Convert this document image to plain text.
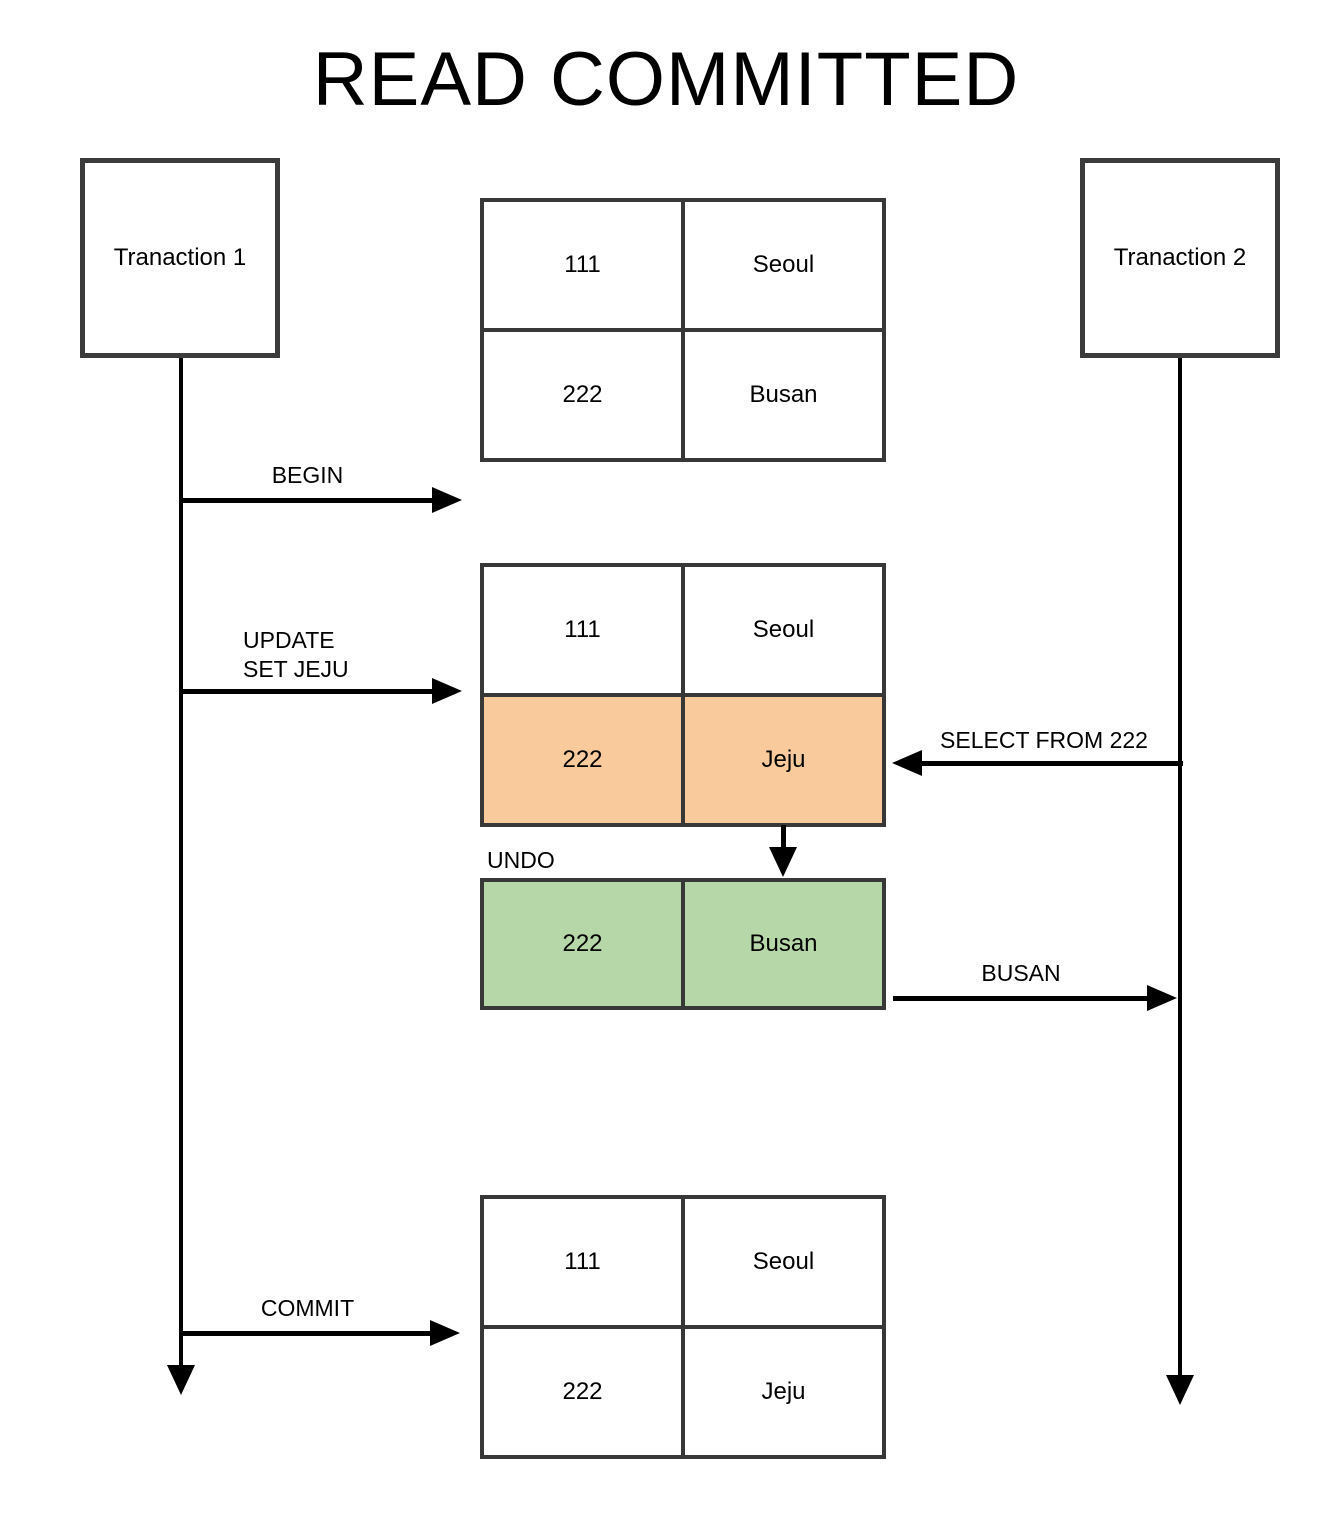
READ COMMITTED
Tranaction 1	Tranaction 2
111	Seoul
222	Busan
BEGIN
111	Seoul
222	Jeju
UPDATE
SET JEJU
SELECT FROM 222
UNDO
222	Busan
BUSAN
111	Seoul
222	Jeju
COMMIT
